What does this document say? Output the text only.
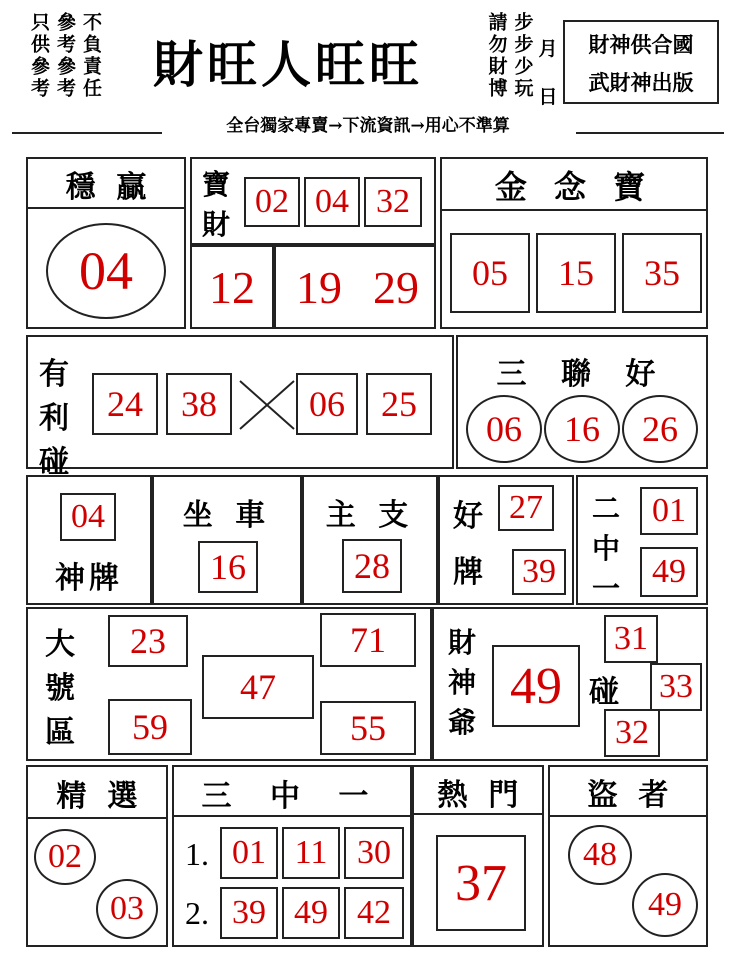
只供參考 參考參考 不負責任	財旺人旺旺	請勿財博 步步少玩 月
日
財神供合國
武財神出版
全台獨家專賣→下流資訊→用心不準算
穩  贏
04
寶
財
02 04 32
12 19 29
金 念 寶
05	15	35
有
利
碰
24	38	06	25
三 聯 好
06	16	26
04
神牌
坐 車
16
主 支
28
好
牌
27
39
二
中
一
01
49
大
號
區
23
59
47
71
55
財
神
爺
49 碰
31
33
32
精  選
02
03
三 中 一
1. 01 11 30
2. 39 49 42
熱  門
37
盜  者
48
49
